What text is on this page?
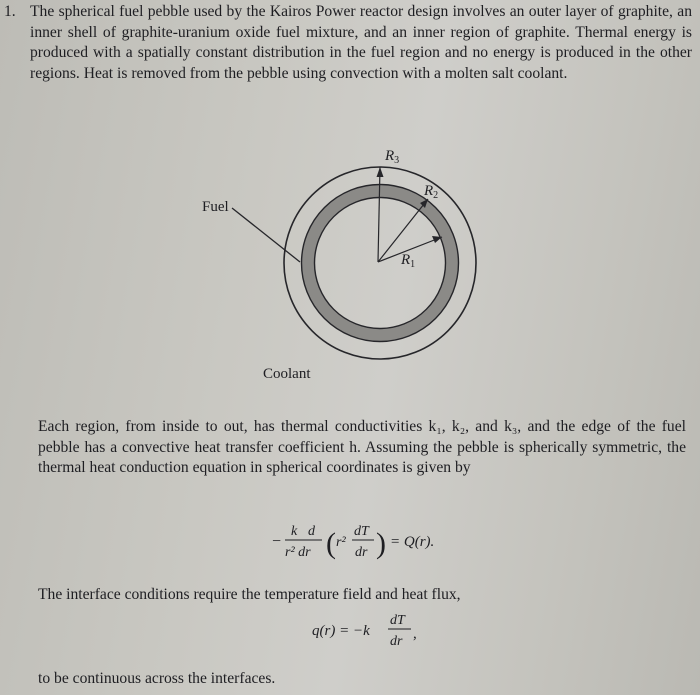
1. The spherical fuel pebble used by the Kairos Power reactor design involves an outer layer of graphite, an inner shell of graphite-uranium oxide fuel mixture, and an inner region of graphite. Thermal energy is produced with a spatially constant distribution in the fuel region and no energy is produced in the other regions. Heat is removed from the pebble using convection with a molten salt coolant.
$R_3$
$R_2$
$R_1$
Fuel
Coolant
Each region, from inside to out, has thermal conductivities k₁, k₂, and k₃, and the edge of the fuel pebble has a convective heat transfer coefficient h. Assuming the pebble is spherically symmetric, the thermal heat conduction equation in spherical coordinates is given by
−
k d
r² dr ( r²
dT
dr ) = Q(r).
The interface conditions require the temperature field and heat flux,
q(r) = −k
dT
dr ,
to be continuous across the interfaces.
